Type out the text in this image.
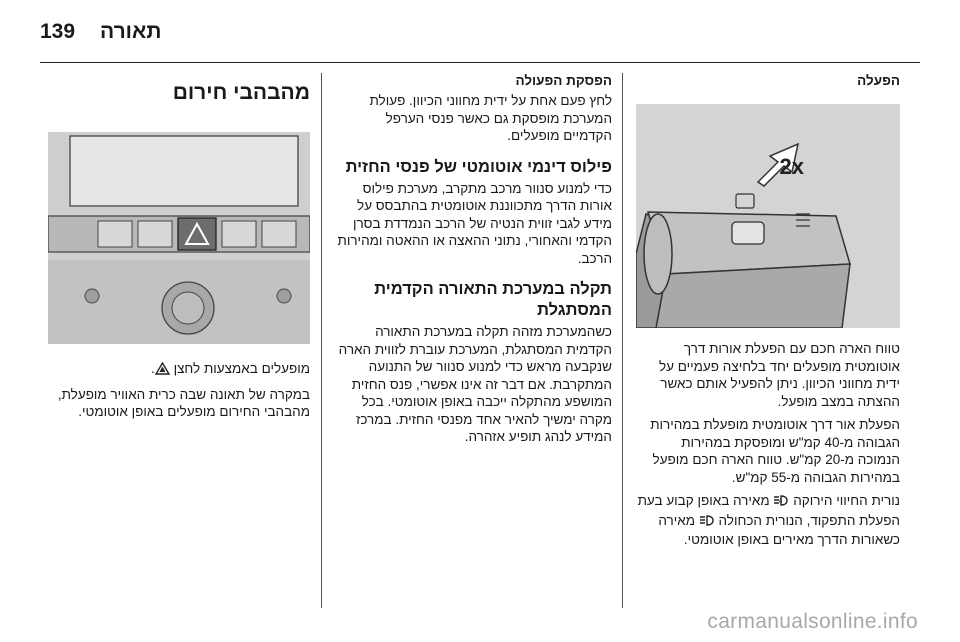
139 תאורה
הפעלה
2x
טווח הארה חכם עם הפעלת אורות דרך אוטומטית מופעלים יחד בלחיצה פעמיים על ידית מחווני הכיוון. ניתן להפעיל אותם כאשר ההצתה במצב מופעל.
הפעלת אור דרך אוטומטית מופעלת במהירות הגבוהה מ-40 קמ"ש ומופסקת במהירות הנמוכה מ-20 קמ"ש. טווח הארה חכם מופעל במהירות הגבוהה מ-55 קמ"ש.
נורית החיווי הירוקה
A
מאירה באופן קבוע בעת הפעלת התפקוד, הנורית הכחולה  מאירה כשאורות הדרך מאירים באופן אוטומטי.
הפסקת הפעולה
לחץ פעם אחת על ידית מחווני הכיוון. פעולת המערכת מופסקת גם כאשר פנסי הערפל הקדמיים מופעלים.
פילוס דינמי אוטומטי של פנסי החזית
כדי למנוע סנוור מרכב מתקרב, מערכת פילוס אורות הדרך מתכווננת אוטומטית בהתבסס על מידע לגבי זווית הנטיה של הרכב הנמדדת בסרן הקדמי והאחורי, נתוני ההאצה או ההאטה ומהירות הרכב.
תקלה במערכת התאורה הקדמית המסתגלת
כשהמערכת מזהה תקלה במערכת התאורה הקדמית המסתגלת, המערכת עוברת לזווית הארה שנקבעה מראש כדי למנוע סנוור של התנועה המתקרבת. אם דבר זה אינו אפשרי, פנס החזית המושפע מהתקלה ייכבה באופן אוטומטי. בכל מקרה ימשיך להאיר אחד מפנסי החזית. במרכז המידע לנהג תופיע אזהרה.
מהבהבי חירום
מופעלים באמצעות לחצן .
במקרה של תאונה שבה כרית האוויר מופעלת, מהבהבי החירום מופעלים באופן אוטומטי.
carmanualsonline.info
